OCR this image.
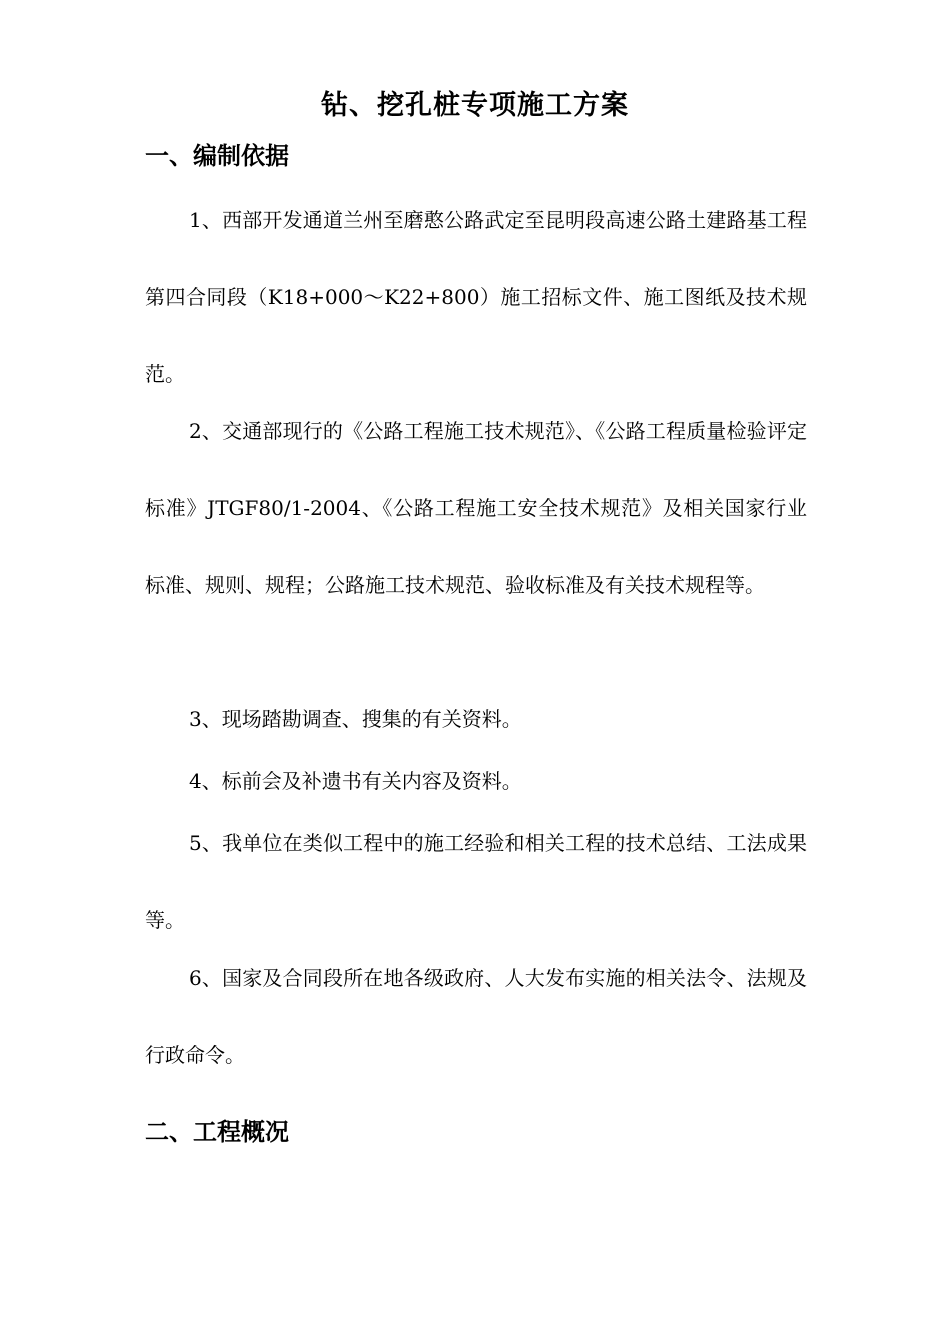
钻、挖孔桩专项施工方案
一、编制依据
1、西部开发通道兰州至磨憨公路武定至昆明段高速公路土建路基工程第四合同段（K18+000～K22+800）施工招标文件、施工图纸及技术规范。
2、交通部现行的《公路工程施工技术规范》、《公路工程质量检验评定标准》JTGF80/1-2004、《公路工程施工安全技术规范》及相关国家行业标准、规则、规程；公路施工技术规范、验收标准及有关技术规程等。
3、现场踏勘调查、搜集的有关资料。
4、标前会及补遗书有关内容及资料。
5、我单位在类似工程中的施工经验和相关工程的技术总结、工法成果等。
6、国家及合同段所在地各级政府、人大发布实施的相关法令、法规及行政命令。
二、工程概况
